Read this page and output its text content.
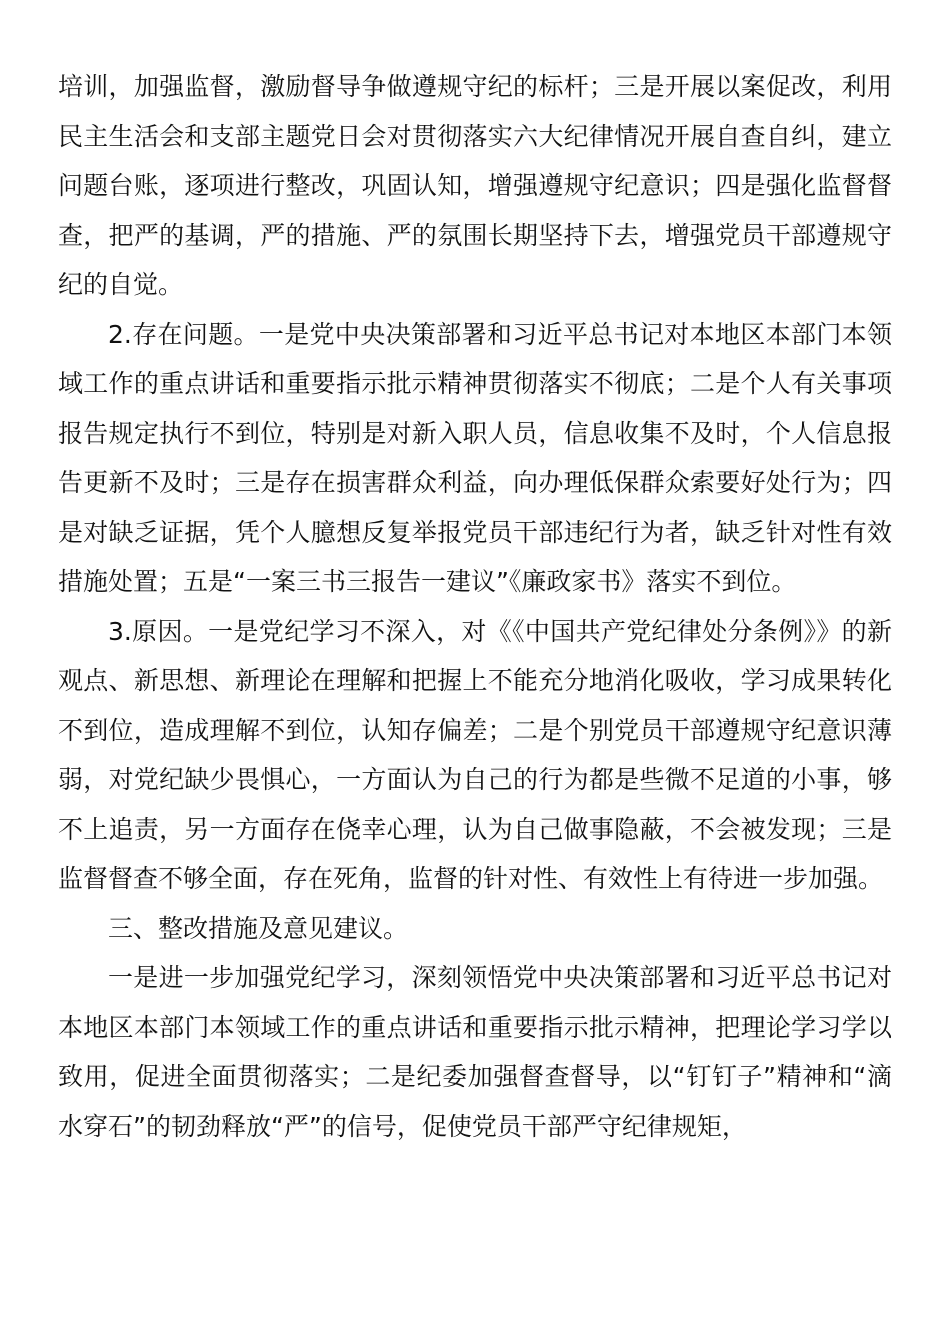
培训，加强监督，激励督导争做遵规守纪的标杆；三是开展以案促改，利用民主生活会和支部主题党日会对贯彻落实六大纪律情况开展自查自纠，建立问题台账，逐项进行整改，巩固认知，增强遵规守纪意识；四是强化监督督查，把严的基调，严的措施、严的氛围长期坚持下去，增强党员干部遵规守纪的自觉。

2.存在问题。一是党中央决策部署和习近平总书记对本地区本部门本领域工作的重点讲话和重要指示批示精神贯彻落实不彻底；二是个人有关事项报告规定执行不到位，特别是对新入职人员，信息收集不及时，个人信息报告更新不及时；三是存在损害群众利益，向办理低保群众索要好处行为；四是对缺乏证据，凭个人臆想反复举报党员干部违纪行为者，缺乏针对性有效措施处置；五是“一案三书三报告一建议”《廉政家书》落实不到位。

3.原因。一是党纪学习不深入，对《《中国共产党纪律处分条例》》的新观点、新思想、新理论在理解和把握上不能充分地消化吸收，学习成果转化不到位，造成理解不到位，认知存偏差；二是个别党员干部遵规守纪意识薄弱，对党纪缺少畏惧心，一方面认为自己的行为都是些微不足道的小事，够不上追责，另一方面存在侥幸心理，认为自己做事隐蔽，不会被发现；三是监督督查不够全面，存在死角，监督的针对性、有效性上有待进一步加强。

三、整改措施及意见建议。

一是进一步加强党纪学习，深刻领悟党中央决策部署和习近平总书记对本地区本部门本领域工作的重点讲话和重要指示批示精神，把理论学习学以致用，促进全面贯彻落实；二是纪委加强督查督导，以“钉钉子”精神和“滴水穿石”的韧劲释放“严”的信号，促使党员干部严守纪律规矩，
